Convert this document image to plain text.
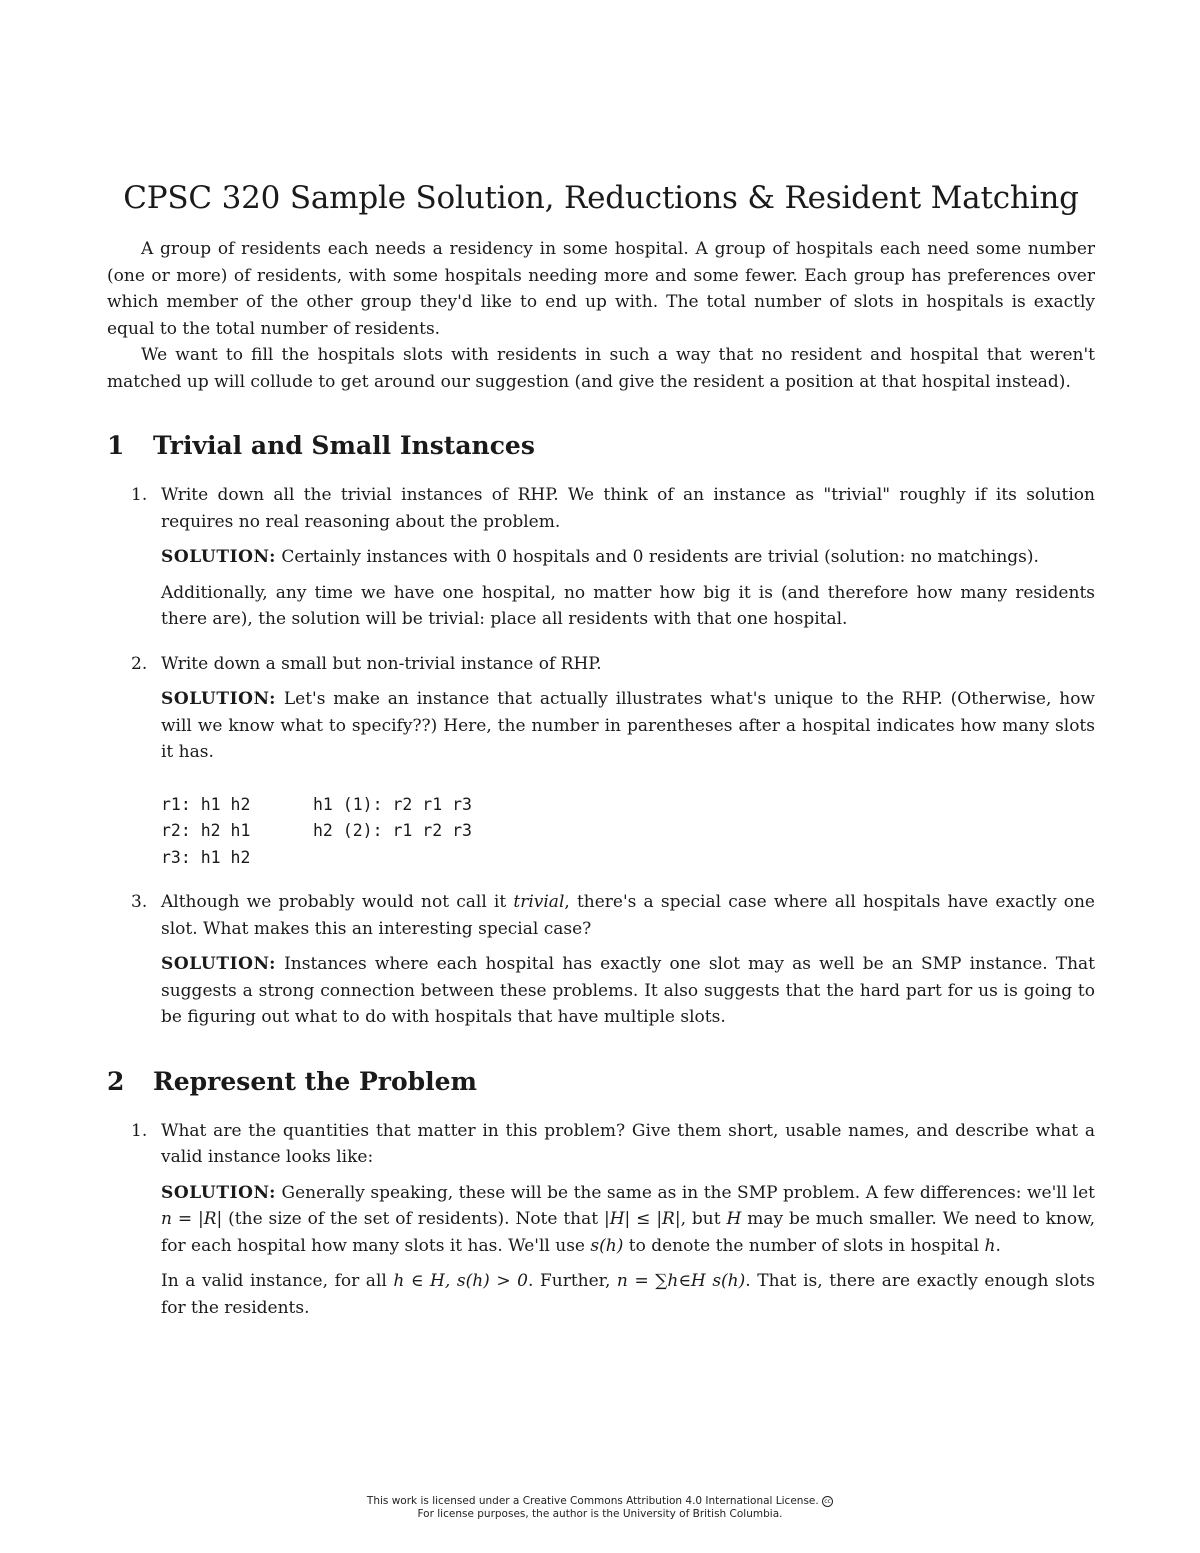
CPSC 320 Sample Solution, Reductions & Resident Matching

A group of residents each needs a residency in some hospital. A group of hospitals each need some number (one or more) of residents, with some hospitals needing more and some fewer. Each group has preferences over which member of the other group they'd like to end up with. The total number of slots in hospitals is exactly equal to the total number of residents.

We want to fill the hospitals slots with residents in such a way that no resident and hospital that weren't matched up will collude to get around our suggestion (and give the resident a position at that hospital instead).

1 Trivial and Small Instances
1. Write down all the trivial instances of RHP. We think of an instance as "trivial" roughly if its solution requires no real reasoning about the problem.

SOLUTION: Certainly instances with 0 hospitals and 0 residents are trivial (solution: no matchings).

Additionally, any time we have one hospital, no matter how big it is (and therefore how many residents there are), the solution will be trivial: place all residents with that one hospital.

2. Write down a small but non-trivial instance of RHP.

SOLUTION: Let's make an instance that actually illustrates what's unique to the RHP. (Otherwise, how will we know what to specify??) Here, the number in parentheses after a hospital indicates how many slots it has.

r1: h1 h2	h1 (1): r2 r1 r3
r2: h2 h1	h2 (2): r1 r2 r3
r3: h1 h2
3. Although we probably would not call it trivial, there's a special case where all hospitals have exactly one slot. What makes this an interesting special case?

SOLUTION: Instances where each hospital has exactly one slot may as well be an SMP instance. That suggests a strong connection between these problems. It also suggests that the hard part for us is going to be figuring out what to do with hospitals that have multiple slots.

2 Represent the Problem
1. What are the quantities that matter in this problem? Give them short, usable names, and describe what a valid instance looks like:

SOLUTION: Generally speaking, these will be the same as in the SMP problem. A few differences: we'll let n = |R| (the size of the set of residents). Note that |H| ≤ |R|, but H may be much smaller. We need to know, for each hospital how many slots it has. We'll use s(h) to denote the number of slots in hospital h.

In a valid instance, for all h ∈ H, s(h) > 0. Further, n = ∑h∈H s(h). That is, there are exactly enough slots for the residents.

This work is licensed under a Creative Commons Attribution 4.0 International License. cc
For license purposes, the author is the University of British Columbia.
